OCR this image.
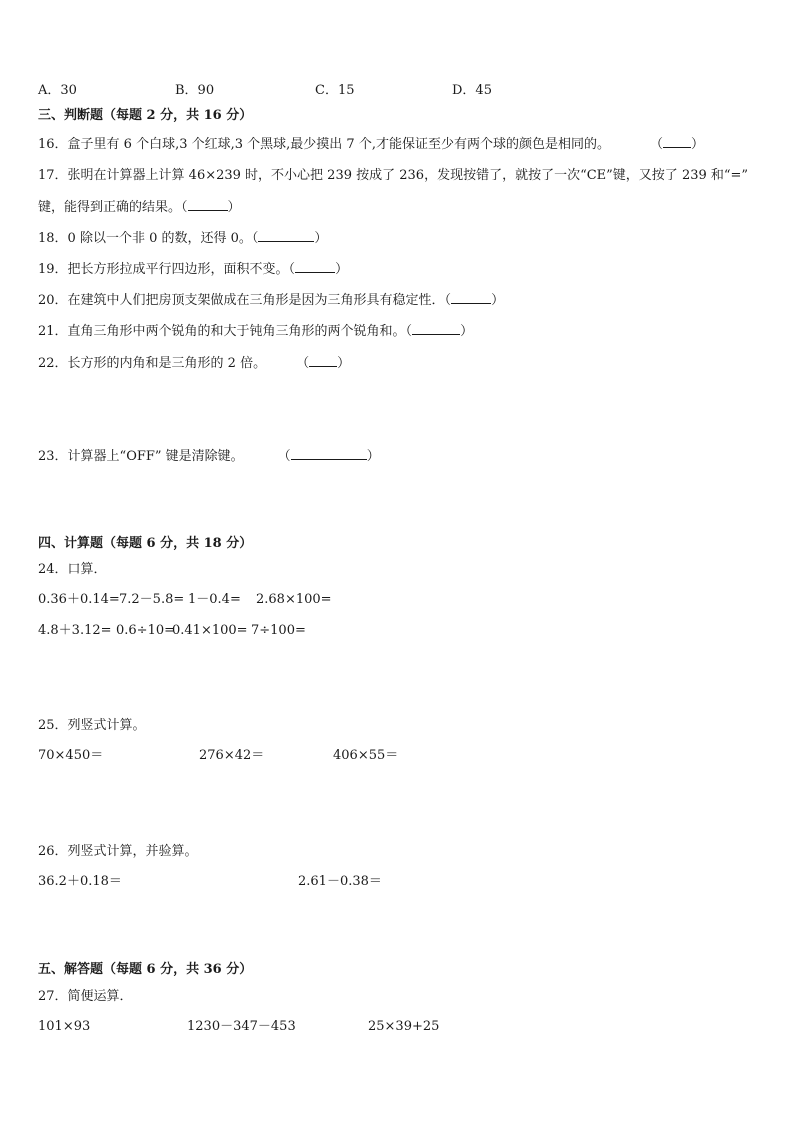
A．30	B．90	C．15	D．45
三、判断题（每题 2 分，共 16 分）
16．盒子里有 6 个白球,3 个红球,3 个黑球,最少摸出 7 个,才能保证至少有两个球的颜色是相同的。	（ ）
17．张明在计算器上计算 46×239 时，不小心把 239 按成了 236，发现按错了，就按了一次“CE”键，又按了 239 和“=”
键，能得到正确的结果。（	）
18．0 除以一个非 0 的数，还得 0。（	）
19．把长方形拉成平行四边形，面积不变。（	）
20．在建筑中人们把房顶支架做成在三角形是因为三角形具有稳定性．（	）
21．直角三角形中两个锐角的和大于钝角三角形的两个锐角和。（	）
22．长方形的内角和是三角形的 2 倍。 （ ）
23．计算器上“OFF” 键是清除键。	（	）
四、计算题（每题 6 分，共 18 分）
24．口算．
0.36＋0.14= 7.2－5.8= 1－0.4= 2.68×100=
4.8＋3.12= 0.6÷10=
0.41×100= 7÷100=
25．列竖式计算。
70×450＝	276×42＝	406×55＝
26．列竖式计算，并验算。
36.2＋0.18＝	2.61－0.38＝
五、解答题（每题 6 分，共 36 分）
27．简便运算．
101×93	1230－347－453	25×39+25
